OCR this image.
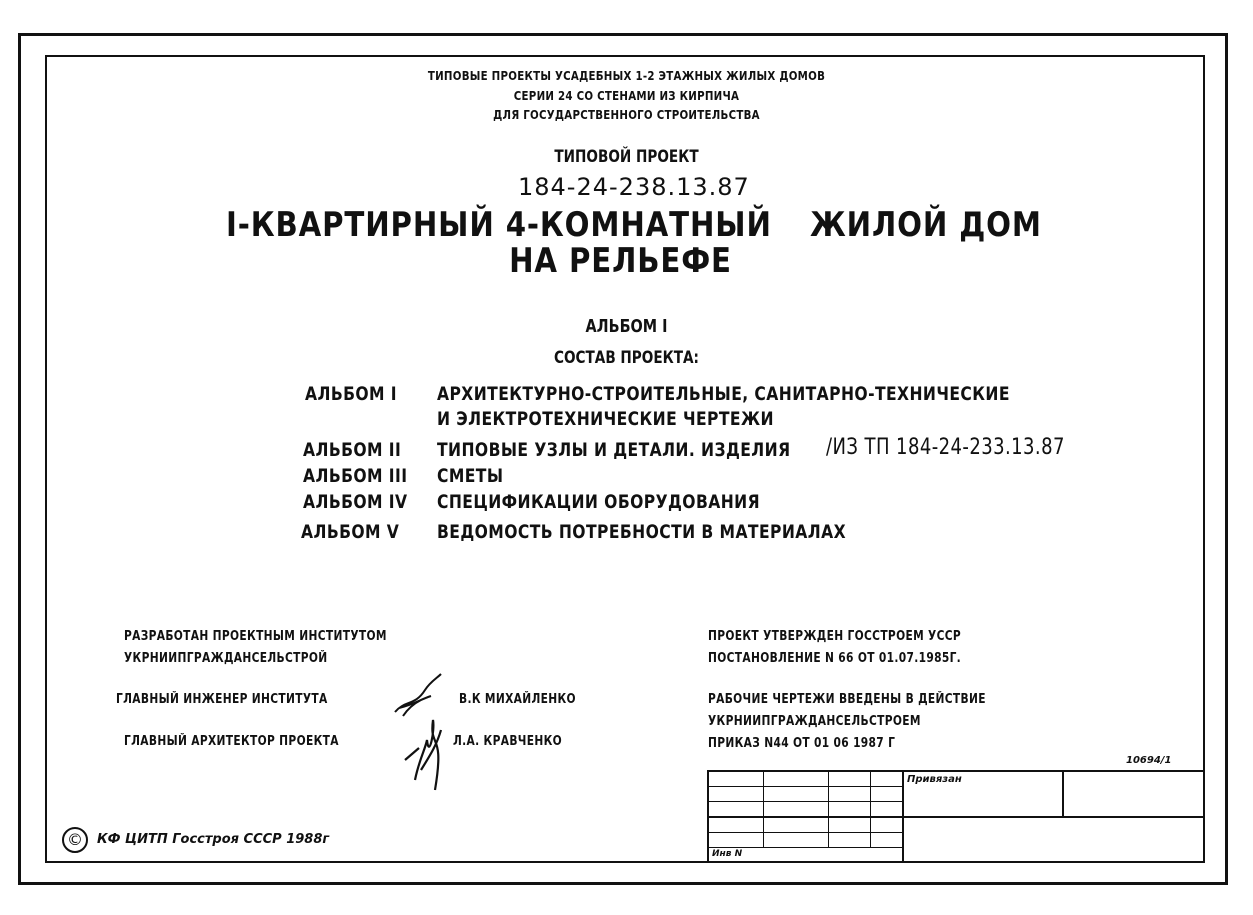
ТИПОВЫЕ ПРОЕКТЫ УСАДЕБНЫХ 1-2 ЭТАЖНЫХ ЖИЛЫХ ДОМОВ
СЕРИИ 24 СО СТЕНАМИ ИЗ КИРПИЧА
ДЛЯ ГОСУДАРСТВЕННОГО СТРОИТЕЛЬСТВА
ТИПОВОЙ ПРОЕКТ
184-24-238.13.87
I-КВАРТИРНЫЙ 4-КОМНАТНЫЙ ЖИЛОЙ ДОМ
НА РЕЛЬЕФЕ
АЛЬБОМ I
СОСТАВ ПРОЕКТА:
АЛЬБОМ I АРХИТЕКТУРНО-СТРОИТЕЛЬНЫЕ, САНИТАРНО-ТЕХНИЧЕСКИЕ
И ЭЛЕКТРОТЕХНИЧЕСКИЕ ЧЕРТЕЖИ
АЛЬБОМ II ТИПОВЫЕ УЗЛЫ И ДЕТАЛИ. ИЗДЕЛИЯ /ИЗ ТП 184-24-233.13.87
АЛЬБОМ III СМЕТЫ
АЛЬБОМ IV СПЕЦИФИКАЦИИ ОБОРУДОВАНИЯ
АЛЬБОМ V ВЕДОМОСТЬ ПОТРЕБНОСТИ В МАТЕРИАЛАХ
РАЗРАБОТАН ПРОЕКТНЫМ ИНСТИТУТОМ
УКРНИИПГРАЖДАНСЕЛЬСТРОЙ
ГЛАВНЫЙ ИНЖЕНЕР ИНСТИТУТА	В.К МИХАЙЛЕНКО
ГЛАВНЫЙ АРХИТЕКТОР ПРОЕКТА	Л.А. КРАВЧЕНКО
ПРОЕКТ УТВЕРЖДЕН ГОССТРОЕМ УССР
ПОСТАНОВЛЕНИЕ N 66 ОТ 01.07.1985Г.
РАБОЧИЕ ЧЕРТЕЖИ ВВЕДЕНЫ В ДЕЙСТВИЕ
УКРНИИПГРАЖДАНСЕЛЬСТРОЕМ
ПРИКАЗ N44 ОТ 01 06 1987 Г
10694/1
Привязан
Инв N
©	КФ ЦИТП Госстроя СССР 1988г
